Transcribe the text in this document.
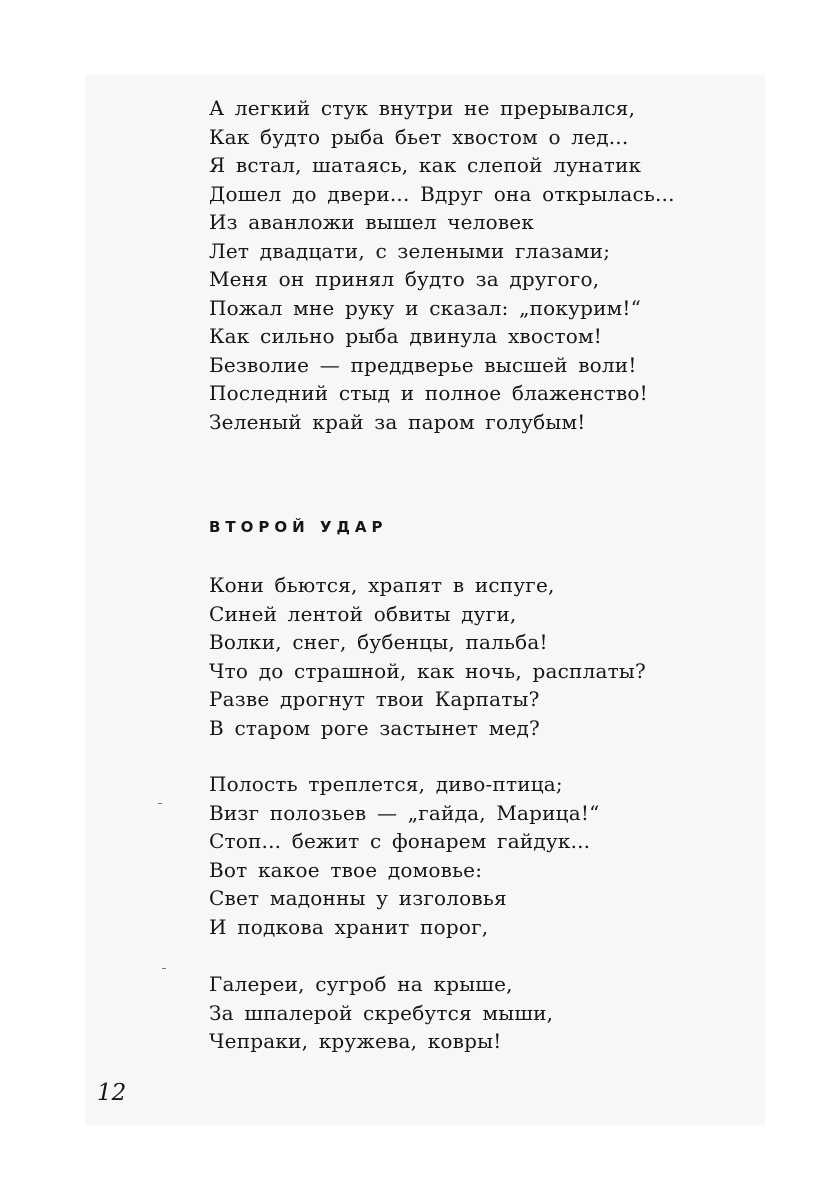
А легкий стук внутри не прерывался,
Как будто рыба бьет хвостом о лед...
Я встал, шатаясь, как слепой лунатик
Дошел до двери... Вдруг она открылась...
Из аванложи вышел человек
Лет двадцати, с зелеными глазами;
Меня он принял будто за другого,
Пожал мне руку и сказал: „покурим!“
Как сильно рыба двинула хвостом!
Безволие — преддверье высшей воли!
Последний стыд и полное блаженство!
Зеленый край за паром голубым!
ВТОРОЙ УДАР
Кони бьются, храпят в испуге,
Синей лентой обвиты дуги,
Волки, снег, бубенцы, пальба!
Что до страшной, как ночь, расплаты?
Разве дрогнут твои Карпаты?
В старом роге застынет мед?
Полость треплется, диво-птица;
Визг полозьев — „гайда, Марица!“
Стоп... бежит с фонарем гайдук...
Вот какое твое домовье:
Свет мадонны у изголовья
И подкова хранит порог,
Галереи, сугроб на крыше,
За шпалерой скребутся мыши,
Чепраки, кружева, ковры!
12
